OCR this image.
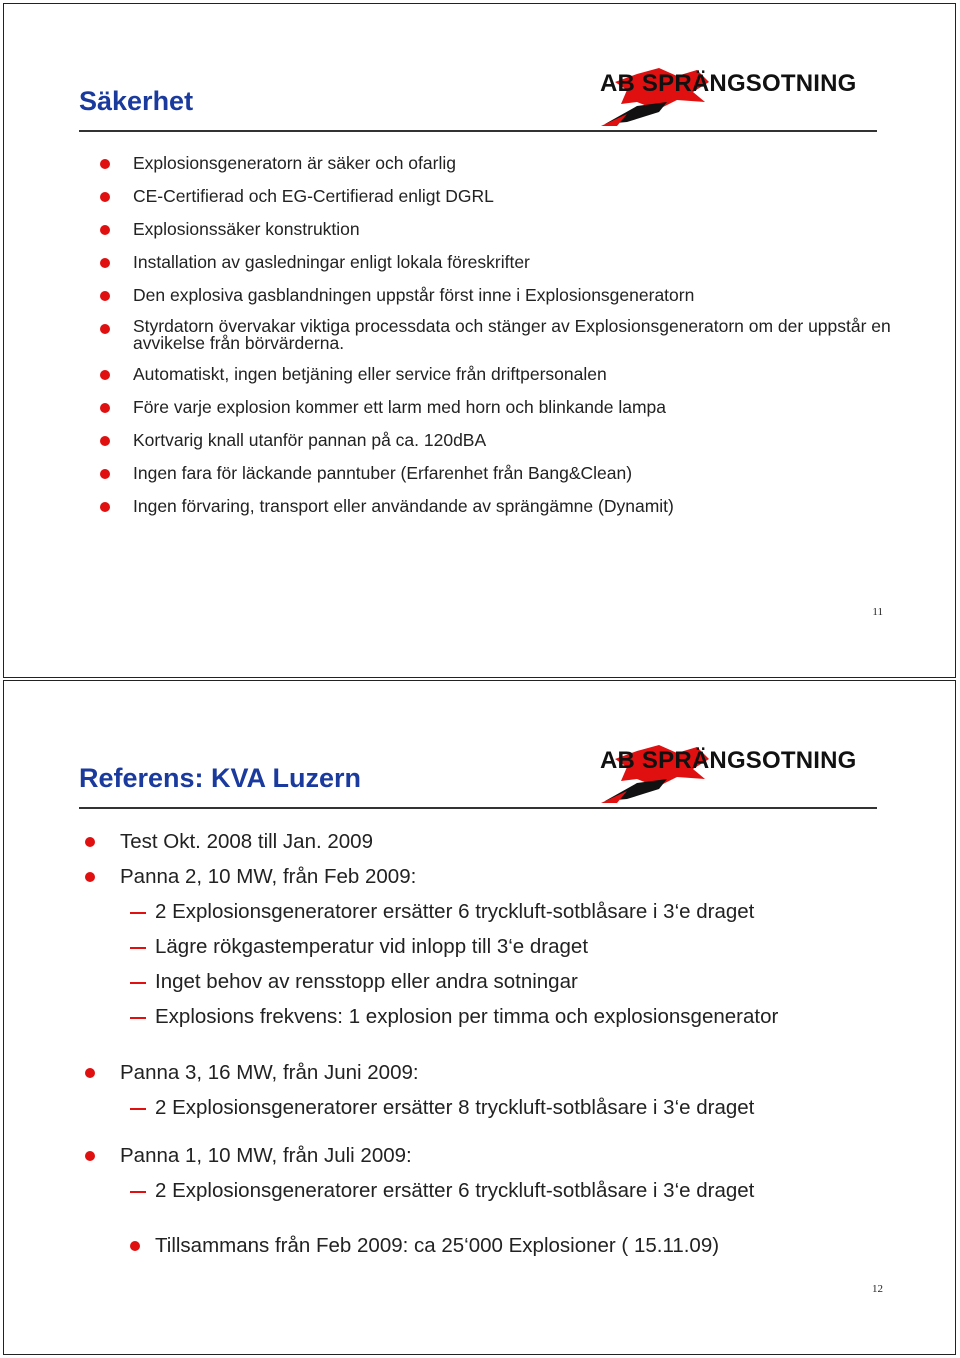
Säkerhet
AB SPRÄNGSOTNING
Explosionsgeneratorn är säker och ofarlig
CE-Certifierad och EG-Certifierad enligt DGRL
Explosionssäker konstruktion
Installation av gasledningar enligt lokala föreskrifter
Den explosiva gasblandningen uppstår först inne i Explosionsgeneratorn
Styrdatorn övervakar viktiga processdata och stänger av Explosionsgeneratorn om der uppstår en avvikelse från börvärderna.
Automatiskt, ingen betjäning eller service från driftpersonalen
Före varje explosion kommer ett larm med horn och blinkande lampa
Kortvarig knall utanför pannan på ca. 120dBA
Ingen fara för läckande panntuber (Erfarenhet från Bang&Clean)
Ingen förvaring, transport eller användande av sprängämne (Dynamit)
11
Referens: KVA Luzern
AB SPRÄNGSOTNING
Test Okt. 2008 till Jan. 2009
Panna 2, 10 MW, från Feb 2009:
2 Explosionsgeneratorer ersätter 6 tryckluft-sotblåsare i 3‘e draget
Lägre rökgastemperatur vid inlopp till 3‘e draget
Inget behov av rensstopp eller andra sotningar
Explosions frekvens: 1 explosion per timma och explosionsgenerator
Panna 3, 16 MW, från Juni 2009:
2 Explosionsgeneratorer ersätter 8 tryckluft-sotblåsare i 3‘e draget
Panna 1, 10 MW, från Juli 2009:
2 Explosionsgeneratorer ersätter 6 tryckluft-sotblåsare i 3‘e draget
Tillsammans från Feb 2009: ca 25‘000 Explosioner ( 15.11.09)
12
